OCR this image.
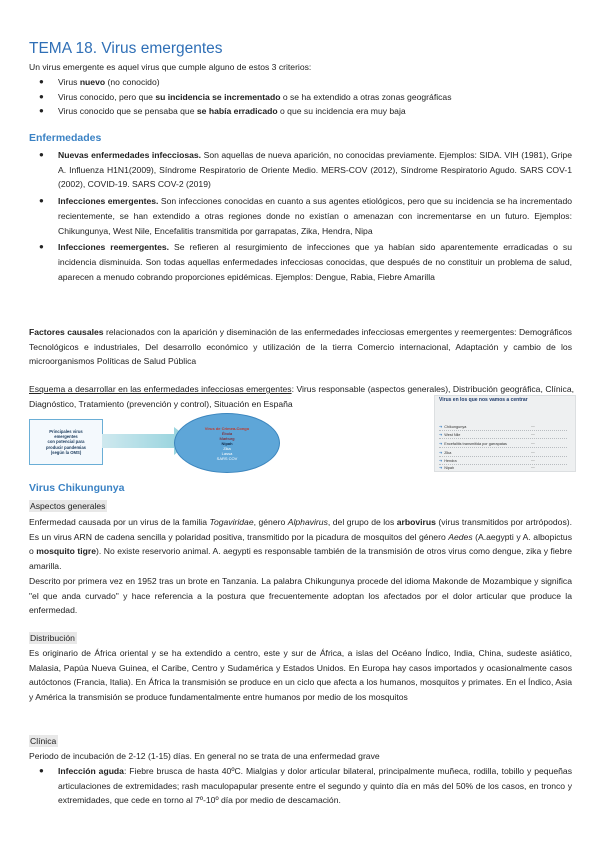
TEMA 18. Virus emergentes

Un virus emergente es aquel virus que cumple alguno de estos 3 criterios:

● Virus nuevo (no conocido)
● Virus conocido, pero que su incidencia se incrementado o se ha extendido a otras zonas geográficas
● Virus conocido que se pensaba que se había erradicado o que su incidencia era muy baja
Enfermedades
● Nuevas enfermedades infecciosas. Son aquellas de nueva aparición, no conocidas previamente. Ejemplos: SIDA. VIH (1981), Gripe A. Influenza H1N1(2009), Síndrome Respiratorio de Oriente Medio. MERS-COV (2012), Síndrome Respiratorio Agudo. SARS COV-1 (2002), COVID-19. SARS COV-2 (2019)
● Infecciones emergentes. Son infecciones conocidas en cuanto a sus agentes etiológicos, pero que su incidencia se ha incrementado recientemente, se han extendido a otras regiones donde no existían o amenazan con incrementarse en un futuro. Ejemplos: Chikungunya, West Nile, Encefalitis transmitida por garrapatas, Zika, Hendra, Nipa
● Infecciones reemergentes. Se refieren al resurgimiento de infecciones que ya habían sido aparentemente erradicadas o su incidencia disminuida. Son todas aquellas enfermedades infecciosas conocidas, que después de no constituir un problema de salud, aparecen a menudo cobrando proporciones epidémicas. Ejemplos: Dengue, Rabia, Fiebre Amarilla

Factores causales relacionados con la aparición y diseminación de las enfermedades infecciosas emergentes y reemergentes: Demográficos Tecnológicos e industriales, Del desarrollo económico y utilización de la tierra Comercio internacional, Adaptación y cambio de los microorganismos Políticas de Salud Pública

Esquema a desarrollar en las enfermedades infecciosas emergentes: Virus responsable (aspectos generales), Distribución geográfica, Clínica, Diagnóstico, Tratamiento (prevención y control), Situación en España

Principales virus
emergentes
con potencial para
producir pandemias
(según la OMS)
Virus de Crimea-Congo
Ébola
Marburg
Nipah
Zika
Lassa
SARS COV
Virus en los que nos vamos a centrar
➔ Chikungunya	—
➔ West Nile	—
➔ Encefalitis transmitida por garrapatas	—
➔ Zika	—
➔ Hendra	—
➔ Nipah	—
Virus Chikungunya
Aspectos generales

Enfermedad causada por un virus de la familia Togaviridae, género Alphavirus, del grupo de los arbovirus (virus transmitidos por artrópodos). Es un virus ARN de cadena sencilla y polaridad positiva, transmitido por la picadura de mosquitos del género Aedes (A.aegypti y A. albopictus o mosquito tigre). No existe reservorio animal. A. aegypti es responsable también de la transmisión de otros virus como dengue, zika y fiebre amarilla.

Descrito por primera vez en 1952 tras un brote en Tanzania. La palabra Chikungunya procede del idioma Makonde de Mozambique y significa "el que anda curvado" y hace referencia a la postura que frecuentemente adoptan los afectados por el dolor articular que produce la enfermedad.

Distribución

Es originario de África oriental y se ha extendido a centro, este y sur de África, a islas del Océano Índico, India, China, sudeste asiático, Malasia, Papúa Nueva Guinea, el Caribe, Centro y Sudamérica y Estados Unidos. En Europa hay casos importados y ocasionalmente casos autóctonos (Francia, Italia). En África la transmisión se produce en un ciclo que afecta a los humanos, mosquitos y primates. En el Índico, Asia y América la transmisión se produce fundamentalmente entre humanos por medio de los mosquitos

Clínica

Periodo de incubación de 2-12 (1-15) días. En general no se trata de una enfermedad grave

● Infección aguda: Fiebre brusca de hasta 40ºC. Mialgias y dolor articular bilateral, principalmente muñeca, rodilla, tobillo y pequeñas articulaciones de extremidades; rash maculopapular presente entre el segundo y quinto día en más del 50% de los casos, en tronco y extremidades, que cede en torno al 7º-10º día por medio de descamación.
